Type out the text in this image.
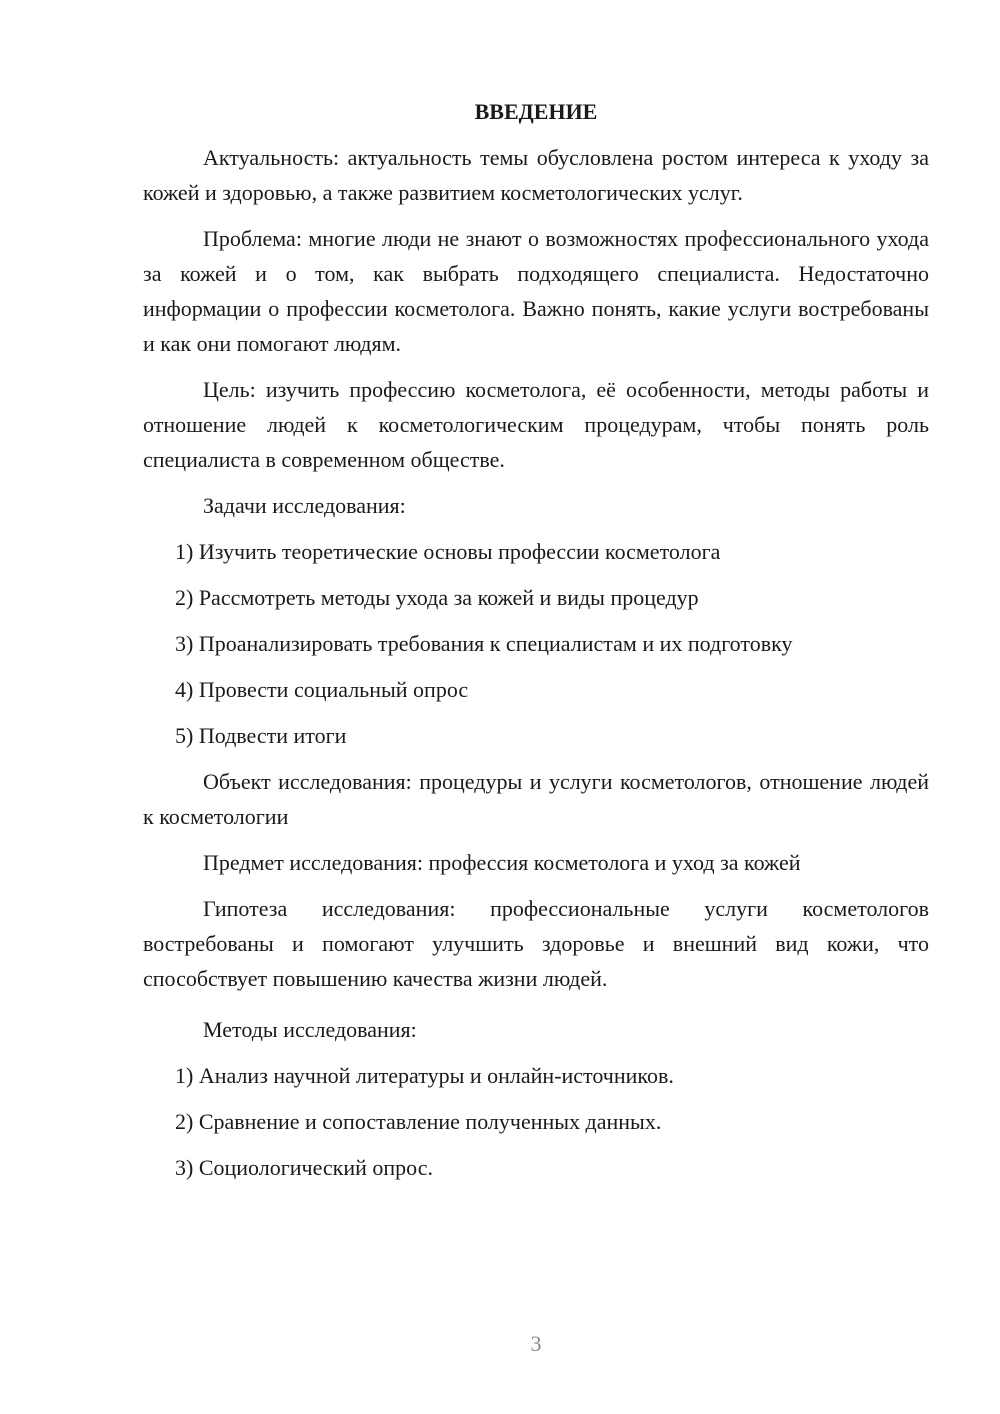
ВВЕДЕНИЕ
Актуальность: актуальность темы обусловлена ростом интереса к уходу за кожей и здоровью, а также развитием косметологических услуг.
Проблема: многие люди не знают о возможностях профессионального ухода за кожей и о том, как выбрать подходящего специалиста. Недостаточно информации о профессии косметолога. Важно понять, какие услуги востребованы и как они помогают людям.
Цель: изучить профессию косметолога, её особенности, методы работы и отношение людей к косметологическим процедурам, чтобы понять роль специалиста в современном обществе.
Задачи исследования:
1) Изучить теоретические основы профессии косметолога
2) Рассмотреть методы ухода за кожей и виды процедур
3) Проанализировать требования к специалистам и их подготовку
4) Провести социальный опрос
5) Подвести итоги
Объект исследования: процедуры и услуги косметологов, отношение людей к косметологии
Предмет исследования: профессия косметолога и уход за кожей
Гипотеза исследования: профессиональные услуги косметологов востребованы и помогают улучшить здоровье и внешний вид кожи, что способствует повышению качества жизни людей.
Методы исследования:
1) Анализ научной литературы и онлайн-источников.
2) Сравнение и сопоставление полученных данных.
3) Социологический опрос.
3
